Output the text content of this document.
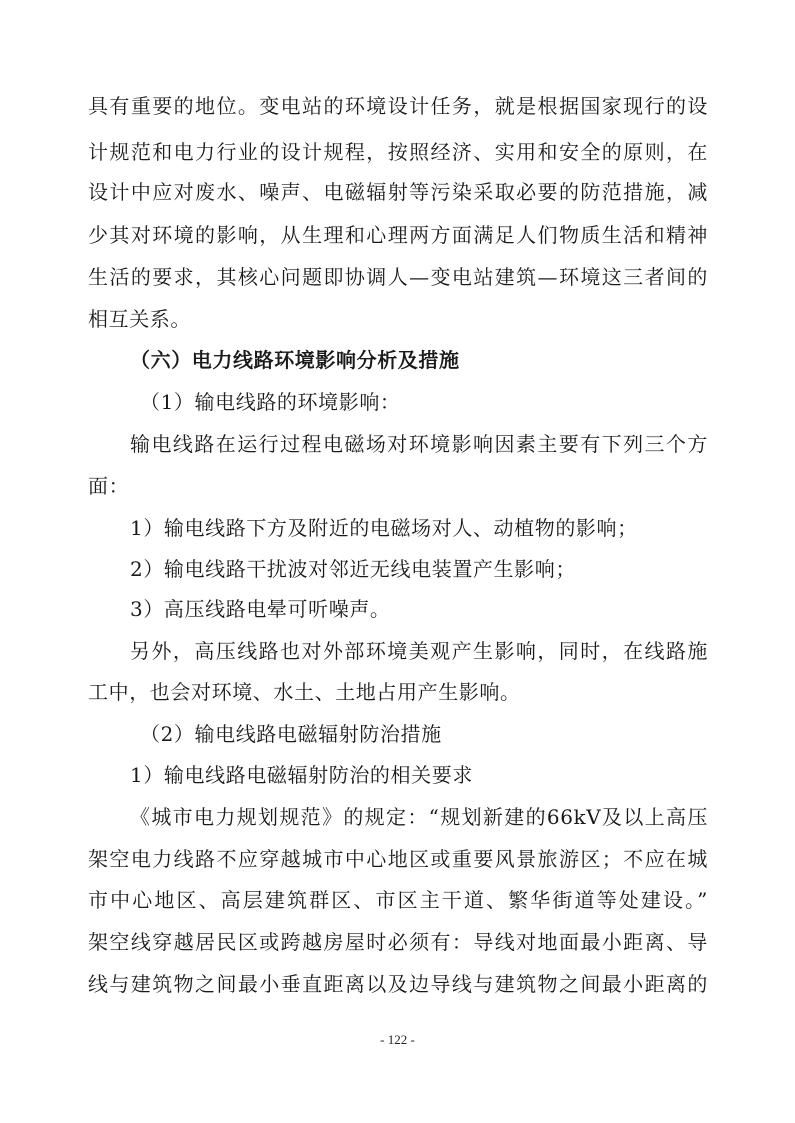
具有重要的地位。变电站的环境设计任务，就是根据国家现行的设
计规范和电力行业的设计规程，按照经济、实用和安全的原则，在
设计中应对废水、噪声、电磁辐射等污染采取必要的防范措施，减
少其对环境的影响，从生理和心理两方面满足人们物质生活和精神
生活的要求，其核心问题即协调人—变电站建筑—环境这三者间的
相互关系。
（六）电力线路环境影响分析及措施
（1）输电线路的环境影响：
输电线路在运行过程电磁场对环境影响因素主要有下列三个方
面：
1）输电线路下方及附近的电磁场对人、动植物的影响；
2）输电线路干扰波对邻近无线电装置产生影响；
3）高压线路电晕可听噪声。
另外，高压线路也对外部环境美观产生影响，同时，在线路施
工中，也会对环境、水土、土地占用产生影响。
（2）输电线路电磁辐射防治措施
1）输电线路电磁辐射防治的相关要求
《城市电力规划规范》的规定：“规划新建的66kV及以上高压
架空电力线路不应穿越城市中心地区或重要风景旅游区；不应在城
市中心地区、高层建筑群区、市区主干道、繁华街道等处建设。”
架空线穿越居民区或跨越房屋时必须有：导线对地面最小距离、导
线与建筑物之间最小垂直距离以及边导线与建筑物之间最小距离的
- 122 -
